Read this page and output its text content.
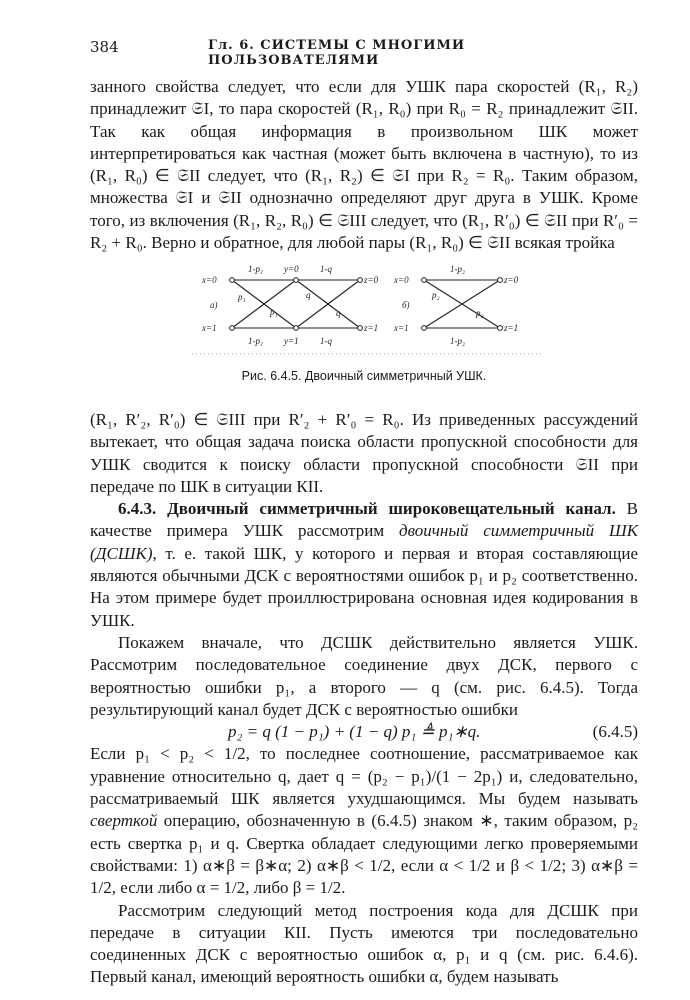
384	Гл. 6. СИСТЕМЫ С МНОГИМИ ПОЛЬЗОВАТЕЛЯМИ

занного свойства следует, что если для УШК пара скоростей (R₁, R₂) принадлежит 𝔖I, то пара скоростей (R₁, R₀) при R₀ = R₂ принадлежит 𝔖II. Так как общая информация в произвольном ШК может интерпретироваться как частная (может быть включена в частную), то из (R₁, R₀) ∈ 𝔖II следует, что (R₁, R₂) ∈ 𝔖I при R₂ = R₀. Таким образом, множества 𝔖I и 𝔖II однозначно определяют друг друга в УШК. Кроме того, из включения (R₁, R₂, R₀) ∈ 𝔖III следует, что (R₁, R′₀) ∈ 𝔖II при R′₀ = R₂ + R₀. Верно и обратное, для любой пары (R₁, R₀) ∈ 𝔖II всякая тройка

x=0
x=1
y=0
y=1
z=0
z=1
1-p₁
1-p₁
p₁
p₁
1-q
1-q
q
q
а)
x=0
x=1
z=0
z=1
1-p₂
1-p₂
p₂
p₂
б)
Рис. 6.4.5. Двоичный симметричный УШК.

(R₁, R′₂, R′₀) ∈ 𝔖III при R′₂ + R′₀ = R₀. Из приведенных рассуждений вытекает, что общая задача поиска области пропускной способности для УШК сводится к поиску области пропускной способности 𝔖II при передаче по ШК в ситуации КII.

6.4.3. Двоичный симметричный широковещательный канал. В качестве примера УШК рассмотрим двоичный симметричный ШК (ДСШК), т. е. такой ШК, у которого и первая и вторая составляющие являются обычными ДСК с вероятностями ошибок p₁ и p₂ соответственно. На этом примере будет проиллюстрирована основная идея кодирования в УШК.

Покажем вначале, что ДСШК действительно является УШК. Рассмотрим последовательное соединение двух ДСК, первого с вероятностью ошибки p₁, а второго — q (см. рис. 6.4.5). Тогда результирующий канал будет ДСК с вероятностью ошибки

p₂ = q (1 − p₁) + (1 − q) p₁ ≜ p₁∗q.	(6.4.5)

Если p₁ < p₂ < 1/2, то последнее соотношение, рассматриваемое как уравнение относительно q, дает q = (p₂ − p₁)/(1 − 2p₁) и, следовательно, рассматриваемый ШК является ухудшающимся. Мы будем называть сверткой операцию, обозначенную в (6.4.5) знаком ∗, таким образом, p₂ есть свертка p₁ и q. Свертка обладает следующими легко проверяемыми свойствами: 1) α∗β = β∗α; 2) α∗β < 1/2, если α < 1/2 и β < 1/2; 3) α∗β = 1/2, если либо α = 1/2, либо β = 1/2.

Рассмотрим следующий метод построения кода для ДСШК при передаче в ситуации КII. Пусть имеются три последовательно соединенных ДСК с вероятностью ошибок α, p₁ и q (см. рис. 6.4.6). Первый канал, имеющий вероятность ошибки α, будем называть
